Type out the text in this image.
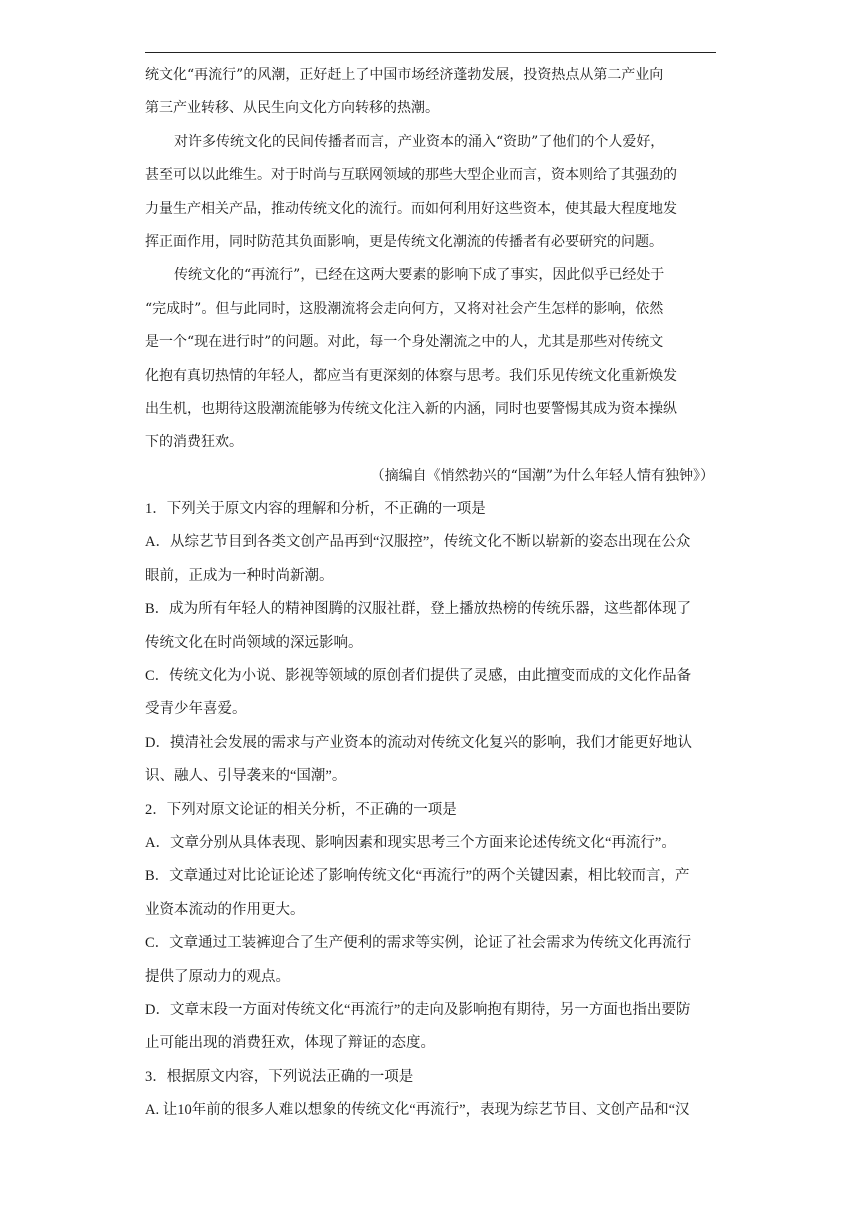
统文化“再流行”的风潮，正好赶上了中国市场经济蓬勃发展，投资热点从第二产业向
第三产业转移、从民生向文化方向转移的热潮。
对许多传统文化的民间传播者而言，产业资本的涌入“资助”了他们的个人爱好，
甚至可以以此维生。对于时尚与互联网领域的那些大型企业而言，资本则给了其强劲的
力量生产相关产品，推动传统文化的流行。而如何利用好这些资本，使其最大程度地发
挥正面作用，同时防范其负面影响，更是传统文化潮流的传播者有必要研究的问题。
传统文化的“再流行”，已经在这两大要素的影响下成了事实，因此似乎已经处于
“完成时”。但与此同时，这股潮流将会走向何方，又将对社会产生怎样的影响，依然
是一个“现在进行时”的问题。对此，每一个身处潮流之中的人，尤其是那些对传统文
化抱有真切热情的年轻人，都应当有更深刻的体察与思考。我们乐见传统文化重新焕发
出生机，也期待这股潮流能够为传统文化注入新的内涵，同时也要警惕其成为资本操纵
下的消费狂欢。
（摘编自《悄然勃兴的“国潮”为什么年轻人情有独钟》）
1．下列关于原文内容的理解和分析，不正确的一项是
A．从综艺节目到各类文创产品再到“汉服控”，传统文化不断以崭新的姿态出现在公众
眼前，正成为一种时尚新潮。
B．成为所有年轻人的精神图腾的汉服社群，登上播放热榜的传统乐器，这些都体现了
传统文化在时尚领域的深远影响。
C．传统文化为小说、影视等领域的原创者们提供了灵感，由此擅变而成的文化作品备
受青少年喜爱。
D．摸清社会发展的需求与产业资本的流动对传统文化复兴的影响，我们才能更好地认
识、融人、引导袭来的“国潮”。
2．下列对原文论证的相关分析，不正确的一项是
A．文章分别从具体表现、影响因素和现实思考三个方面来论述传统文化“再流行”。
B．文章通过对比论证论述了影响传统文化“再流行”的两个关键因素，相比较而言，产
业资本流动的作用更大。
C．文章通过工装裤迎合了生产便利的需求等实例，论证了社会需求为传统文化再流行
提供了原动力的观点。
D．文章末段一方面对传统文化“再流行”的走向及影响抱有期待，另一方面也指出要防
止可能出现的消费狂欢，体现了辩证的态度。
3．根据原文内容，下列说法正确的一项是
A. 让10年前的很多人难以想象的传统文化“再流行”，表现为综艺节目、文创产品和“汉
